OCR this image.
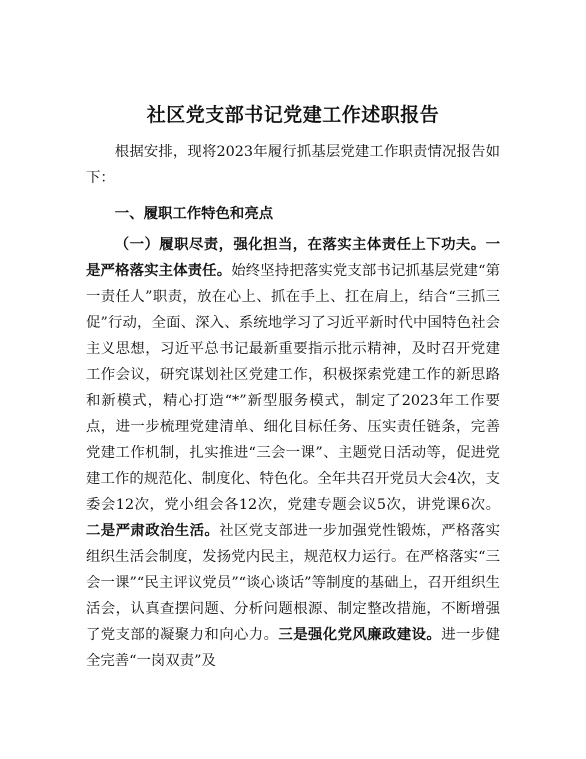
社区党支部书记党建工作述职报告

根据安排，现将2023年履行抓基层党建工作职责情况报告如下：

一、履职工作特色和亮点

（一）履职尽责，强化担当，在落实主体责任上下功夫。一是严格落实主体责任。始终坚持把落实党支部书记抓基层党建“第一责任人”职责，放在心上、抓在手上、扛在肩上，结合“三抓三促”行动，全面、深入、系统地学习了习近平新时代中国特色社会主义思想，习近平总书记最新重要指示批示精神，及时召开党建工作会议，研究谋划社区党建工作，积极探索党建工作的新思路和新模式，精心打造“*”新型服务模式，制定了2023年工作要点，进一步梳理党建清单、细化目标任务、压实责任链条，完善党建工作机制，扎实推进“三会一课”、主题党日活动等，促进党建工作的规范化、制度化、特色化。全年共召开党员大会4次，支委会12次，党小组会各12次，党建专题会议5次，讲党课6次。二是严肃政治生活。社区党支部进一步加强党性锻炼，严格落实组织生活会制度，发扬党内民主，规范权力运行。在严格落实“三会一课”“民主评议党员”“谈心谈话”等制度的基础上，召开组织生活会，认真查摆问题、分析问题根源、制定整改措施，不断增强了党支部的凝聚力和向心力。三是强化党风廉政建设。进一步健全完善“一岗双责”及
